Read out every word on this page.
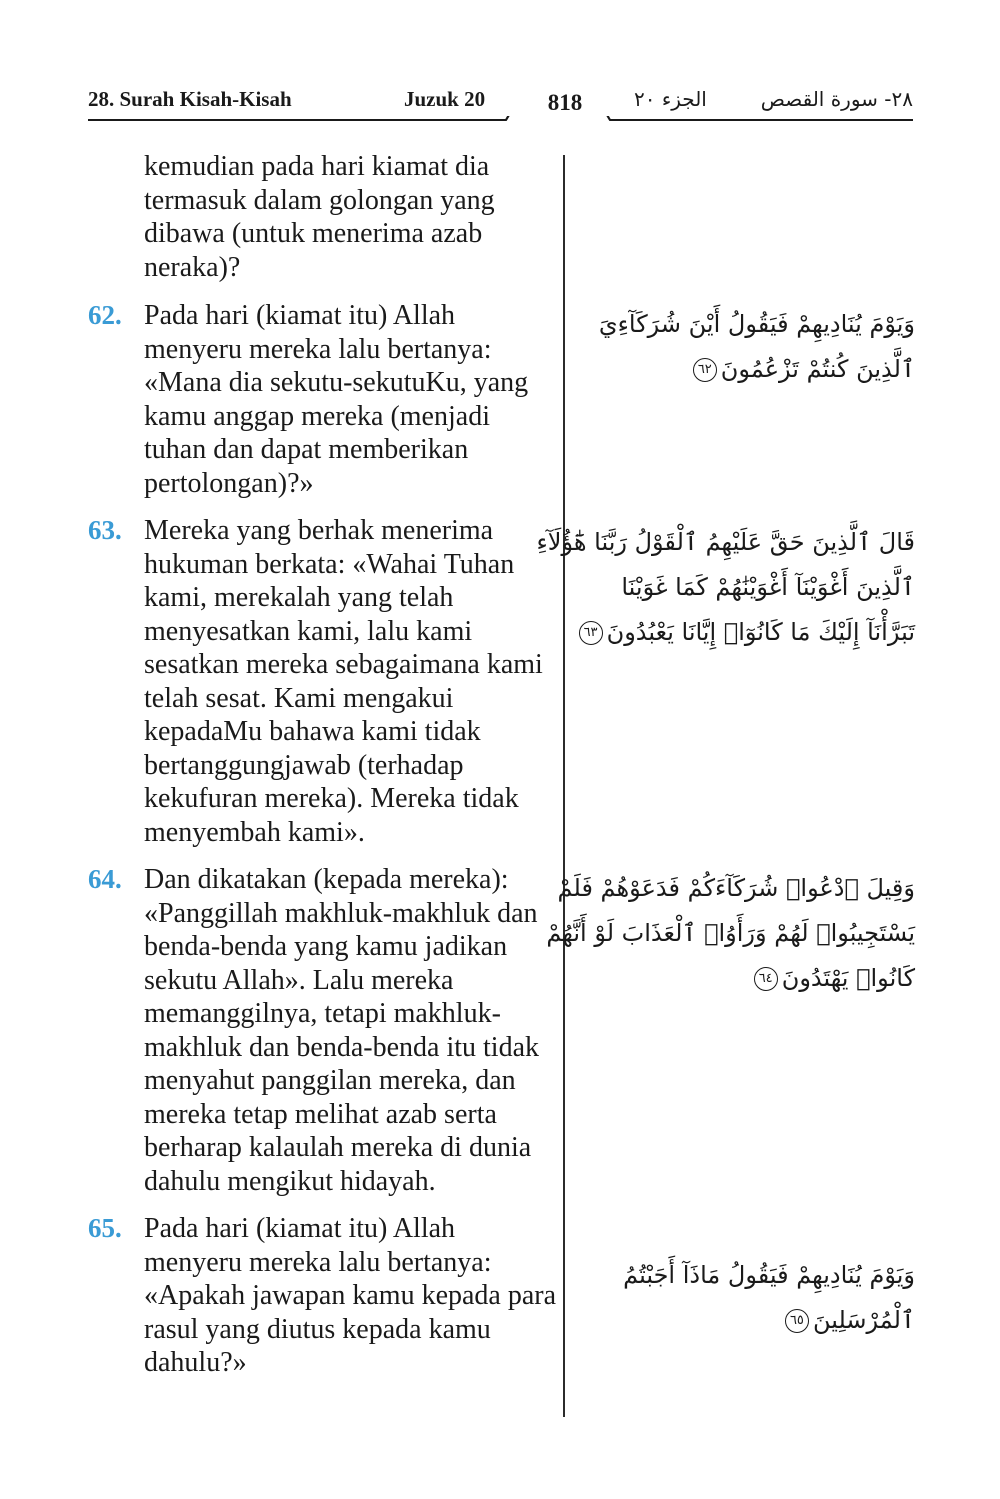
28. Surah Kisah-Kisah	Juzuk 20	818	الجزء ٢٠	٢٨- سورة القصص
kemudian pada hari kiamat dia termasuk dalam golongan yang dibawa (untuk menerima azab neraka)?
62. Pada hari (kiamat itu) Allah menyeru mereka lalu bertanya: «Mana dia sekutu-sekutuKu, yang kamu anggap mereka (menjadi tuhan dan dapat memberikan pertolongan)?»
63. Mereka yang berhak menerima hukuman berkata: «Wahai Tuhan kami, merekalah yang telah menyesatkan kami, lalu kami sesatkan mereka sebagaimana kami telah sesat. Kami mengakui kepadaMu bahawa kami tidak bertanggungjawab (terhadap kekufuran mereka). Mereka tidak menyembah kami».
64. Dan dikatakan (kepada mereka): «Panggillah makhluk-makhluk dan benda-benda yang kamu jadikan sekutu Allah». Lalu mereka memanggilnya, tetapi makhluk-makhluk dan benda-benda itu tidak menyahut panggilan mereka, dan mereka tetap melihat azab serta berharap kalaulah mereka di dunia dahulu mengikut hidayah.
65. Pada hari (kiamat itu) Allah menyeru mereka lalu bertanya: «Apakah jawapan kamu kepada para rasul yang diutus kepada kamu dahulu?»
وَيَوْمَ يُنَادِيهِمْ فَيَقُولُ أَيْنَ شُرَكَآءِيَ
ٱلَّذِينَ كُنتُمْ تَزْعُمُونَ٦٢
قَالَ ٱلَّذِينَ حَقَّ عَلَيْهِمُ ٱلْقَوْلُ رَبَّنَا هَٰٓؤُلَآءِ
ٱلَّذِينَ أَغْوَيْنَآ أَغْوَيْنَٰهُمْ كَمَا غَوَيْنَا
تَبَرَّأْنَآ إِلَيْكَ مَا كَانُوٓا۟ إِيَّانَا يَعْبُدُونَ٦٣
وَقِيلَ ٱدْعُوا۟ شُرَكَآءَكُمْ فَدَعَوْهُمْ فَلَمْ
يَسْتَجِيبُوا۟ لَهُمْ وَرَأَوُا۟ ٱلْعَذَابَ لَوْ أَنَّهُمْ
كَانُوا۟ يَهْتَدُونَ٦٤
وَيَوْمَ يُنَادِيهِمْ فَيَقُولُ مَاذَآ أَجَبْتُمُ
ٱلْمُرْسَلِينَ٦٥
